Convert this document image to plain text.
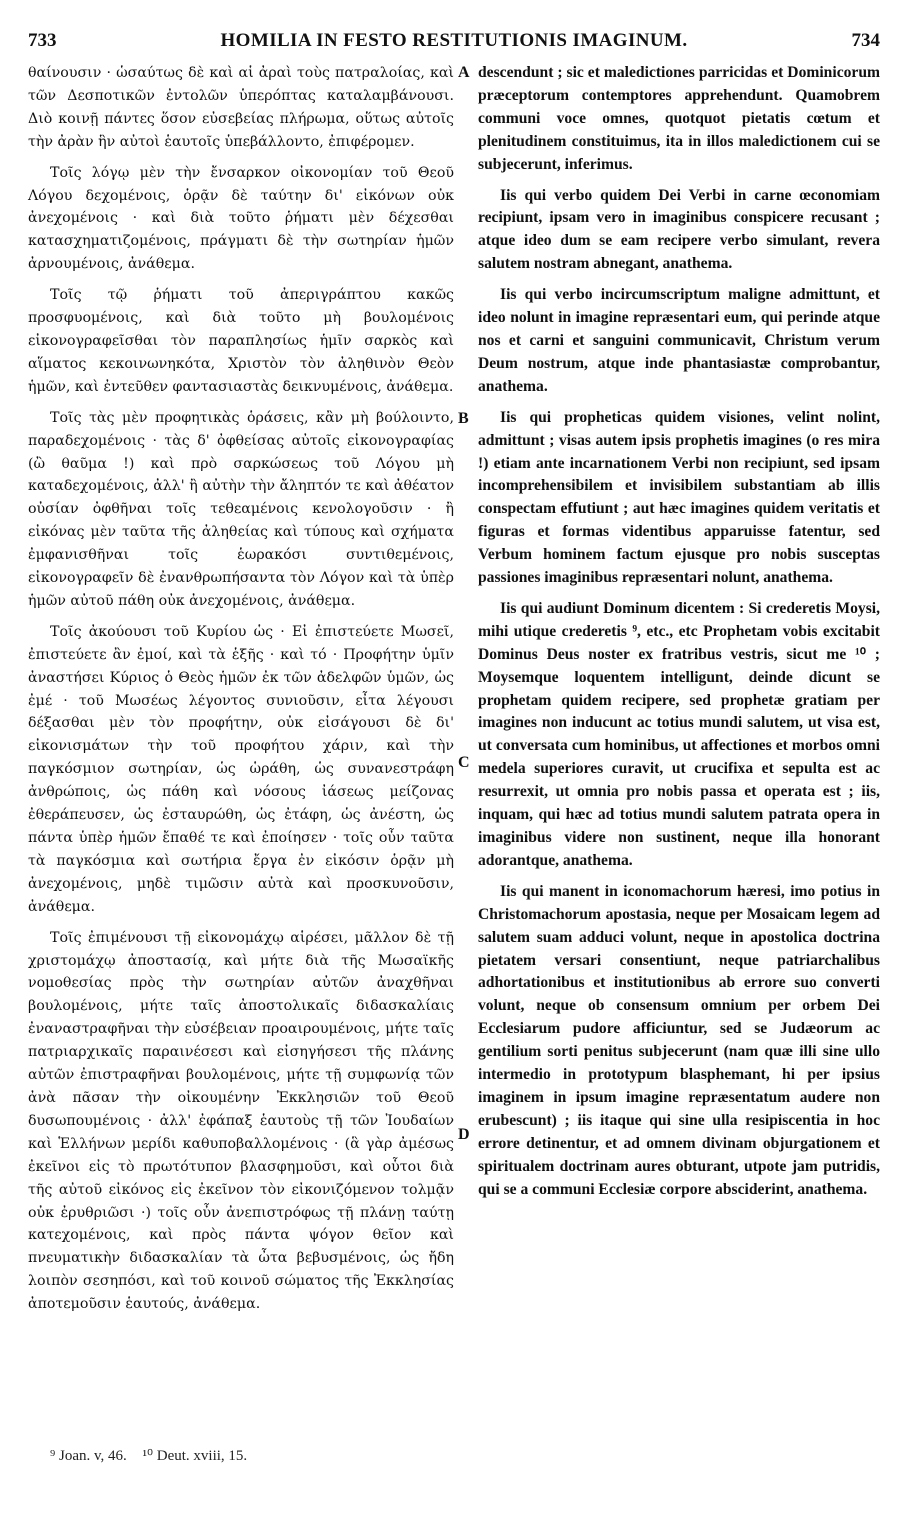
733	HOMILIA IN FESTO RESTITUTIONIS IMAGINUM.	734

θαίνουσιν · ὡσαύτως δὲ καὶ αἱ ἀραὶ τοὺς πατραλοίας, καὶ τῶν Δεσποτικῶν ἐντολῶν ὑπερόπτας καταλαμβάνουσι. Διὸ κοινῇ πάντες ὅσον εὐσεβείας πλήρωμα, οὕτως αὐτοῖς τὴν ἀρὰν ἣν αὐτοὶ ἑαυτοῖς ὑπεβάλλοντο, ἐπιφέρομεν.

Τοῖς λόγῳ μὲν τὴν ἔνσαρκον οἰκονομίαν τοῦ Θεοῦ Λόγου δεχομένοις, ὁρᾷν δὲ ταύτην δι' εἰκόνων οὐκ ἀνεχομένοις · καὶ διὰ τοῦτο ῥήματι μὲν δέχεσθαι κατασχηματιζομένοις, πράγματι δὲ τὴν σωτηρίαν ἡμῶν ἀρνουμένοις, ἀνάθεμα.

Τοῖς τῷ ῥήματι τοῦ ἀπεριγράπτου κακῶς προσφυομένοις, καὶ διὰ τοῦτο μὴ βουλομένοις εἰκονογραφεῖσθαι τὸν παραπλησίως ἡμῖν σαρκὸς καὶ αἵματος κεκοινωνηκότα, Χριστὸν τὸν ἀληθινὸν Θεὸν ἡμῶν, καὶ ἐντεῦθεν φαντασιαστὰς δεικνυμένοις, ἀνάθεμα.

Τοῖς τὰς μὲν προφητικὰς ὁράσεις, κἂν μὴ βούλοιντο, παραδεχομένοις · τὰς δ' ὀφθείσας αὐτοῖς εἰκονογραφίας (ὢ θαῦμα !) καὶ πρὸ σαρκώσεως τοῦ Λόγου μὴ καταδεχομένοις, ἀλλ' ἢ αὐτὴν τὴν ἄληπτόν τε καὶ ἀθέατον οὐσίαν ὀφθῆναι τοῖς τεθεαμένοις κενολογοῦσιν · ἢ εἰκόνας μὲν ταῦτα τῆς ἀληθείας καὶ τύπους καὶ σχήματα ἐμφανισθῆναι τοῖς ἑωρακόσι συντιθεμένοις, εἰκονογραφεῖν δὲ ἐνανθρωπήσαντα τὸν Λόγον καὶ τὰ ὑπὲρ ἡμῶν αὐτοῦ πάθη οὐκ ἀνεχομένοις, ἀνάθεμα.

Τοῖς ἀκούουσι τοῦ Κυρίου ὡς · Εἰ ἐπιστεύετε Μωσεῖ, ἐπιστεύετε ἂν ἐμοί, καὶ τὰ ἑξῆς · καὶ τό · Προφήτην ὑμῖν ἀναστήσει Κύριος ὁ Θεὸς ἡμῶν ἐκ τῶν ἀδελφῶν ὑμῶν, ὡς ἐμέ · τοῦ Μωσέως λέγοντος συνιοῦσιν, εἶτα λέγουσι δέξασθαι μὲν τὸν προφήτην, οὐκ εἰσάγουσι δὲ δι' εἰκονισμάτων τὴν τοῦ προφήτου χάριν, καὶ τὴν παγκόσμιον σωτηρίαν, ὡς ὡράθη, ὡς συνανεστράφη ἀνθρώποις, ὡς πάθη καὶ νόσους ἰάσεως μείζονας ἐθεράπευσεν, ὡς ἐσταυρώθη, ὡς ἐτάφη, ὡς ἀνέστη, ὡς πάντα ὑπὲρ ἡμῶν ἔπαθέ τε καὶ ἐποίησεν · τοῖς οὖν ταῦτα τὰ παγκόσμια καὶ σωτήρια ἔργα ἐν εἰκόσιν ὁρᾷν μὴ ἀνεχομένοις, μηδὲ τιμῶσιν αὐτὰ καὶ προσκυνοῦσιν, ἀνάθεμα.

Τοῖς ἐπιμένουσι τῇ εἰκονομάχῳ αἱρέσει, μᾶλλον δὲ τῇ χριστομάχῳ ἀποστασίᾳ, καὶ μήτε διὰ τῆς Μωσαϊκῆς νομοθεσίας πρὸς τὴν σωτηρίαν αὐτῶν ἀναχθῆναι βουλομένοις, μήτε ταῖς ἀποστολικαῖς διδασκαλίαις ἐναναστραφῆναι τὴν εὐσέβειαν προαιρουμένοις, μήτε ταῖς πατριαρχικαῖς παραινέσεσι καὶ εἰσηγήσεσι τῆς πλάνης αὐτῶν ἐπιστραφῆναι βουλομένοις, μήτε τῇ συμφωνίᾳ τῶν ἀνὰ πᾶσαν τὴν οἰκουμένην Ἐκκλησιῶν τοῦ Θεοῦ δυσωπουμένοις · ἀλλ' ἐφάπαξ ἑαυτοὺς τῇ τῶν Ἰουδαίων καὶ Ἑλλήνων μερίδι καθυποβαλλομένοις · (ἃ γὰρ ἀμέσως ἐκεῖνοι εἰς τὸ πρωτότυπον βλασφημοῦσι, καὶ οὗτοι διὰ τῆς αὐτοῦ εἰκόνος εἰς ἐκεῖνον τὸν εἰκονιζόμενον τολμᾷν οὐκ ἐρυθριῶσι ·) τοῖς οὖν ἀνεπιστρόφως τῇ πλάνῃ ταύτῃ κατεχομένοις, καὶ πρὸς πάντα ψόγον θεῖον καὶ πνευματικὴν διδασκαλίαν τὰ ὦτα βεβυσμένοις, ὡς ἤδη λοιπὸν σεσηπόσι, καὶ τοῦ κοινοῦ σώματος τῆς Ἐκκλησίας ἀποτεμοῦσιν ἑαυτούς, ἀνάθεμα.

A
B
C
D

descendunt ; sic et maledictiones parricidas et Dominicorum præceptorum contemptores apprehendunt. Quamobrem communi voce omnes, quotquot pietatis cœtum et plenitudinem constituimus, ita in illos maledictionem cui se subjecerunt, inferimus.

Iis qui verbo quidem Dei Verbi in carne œconomiam recipiunt, ipsam vero in imaginibus conspicere recusant ; atque ideo dum se eam recipere verbo simulant, revera salutem nostram abnegant, anathema.

Iis qui verbo incircumscriptum maligne admittunt, et ideo nolunt in imagine repræsentari eum, qui perinde atque nos et carni et sanguini communicavit, Christum verum Deum nostrum, atque inde phantasiastæ comprobantur, anathema.

Iis qui propheticas quidem visiones, velint nolint, admittunt ; visas autem ipsis prophetis imagines (o res mira !) etiam ante incarnationem Verbi non recipiunt, sed ipsam incomprehensibilem et invisibilem substantiam ab illis conspectam effutiunt ; aut hæc imagines quidem veritatis et figuras et formas videntibus apparuisse fatentur, sed Verbum hominem factum ejusque pro nobis susceptas passiones imaginibus repræsentari nolunt, anathema.

Iis qui audiunt Dominum dicentem : Si crederetis Moysi, mihi utique crederetis ⁹, etc., etc Prophetam vobis excitabit Dominus Deus noster ex fratribus vestris, sicut me ¹⁰ ; Moysemque loquentem intelligunt, deinde dicunt se prophetam quidem recipere, sed prophetæ gratiam per imagines non inducunt ac totius mundi salutem, ut visa est, ut conversata cum hominibus, ut affectiones et morbos omni medela superiores curavit, ut crucifixa et sepulta est ac resurrexit, ut omnia pro nobis passa et operata est ; iis, inquam, qui hæc ad totius mundi salutem patrata opera in imaginibus videre non sustinent, neque illa honorant adorantque, anathema.

Iis qui manent in iconomachorum hæresi, imo potius in Christomachorum apostasia, neque per Mosaicam legem ad salutem suam adduci volunt, neque in apostolica doctrina pietatem versari consentiunt, neque patriarchalibus adhortationibus et institutionibus ab errore suo converti volunt, neque ob consensum omnium per orbem Dei Ecclesiarum pudore afficiuntur, sed se Judæorum ac gentilium sorti penitus subjecerunt (nam quæ illi sine ullo intermedio in prototypum blasphemant, hi per ipsius imaginem in ipsum imagine repræsentatum audere non erubescunt) ; iis itaque qui sine ulla resipiscentia in hoc errore detinentur, et ad omnem divinam objurgationem et spiritualem doctrinam aures obturant, utpote jam putridis, qui se a communi Ecclesiæ corpore absciderint, anathema.

⁹ Joan. v, 46. ¹⁰ Deut. xviii, 15.
